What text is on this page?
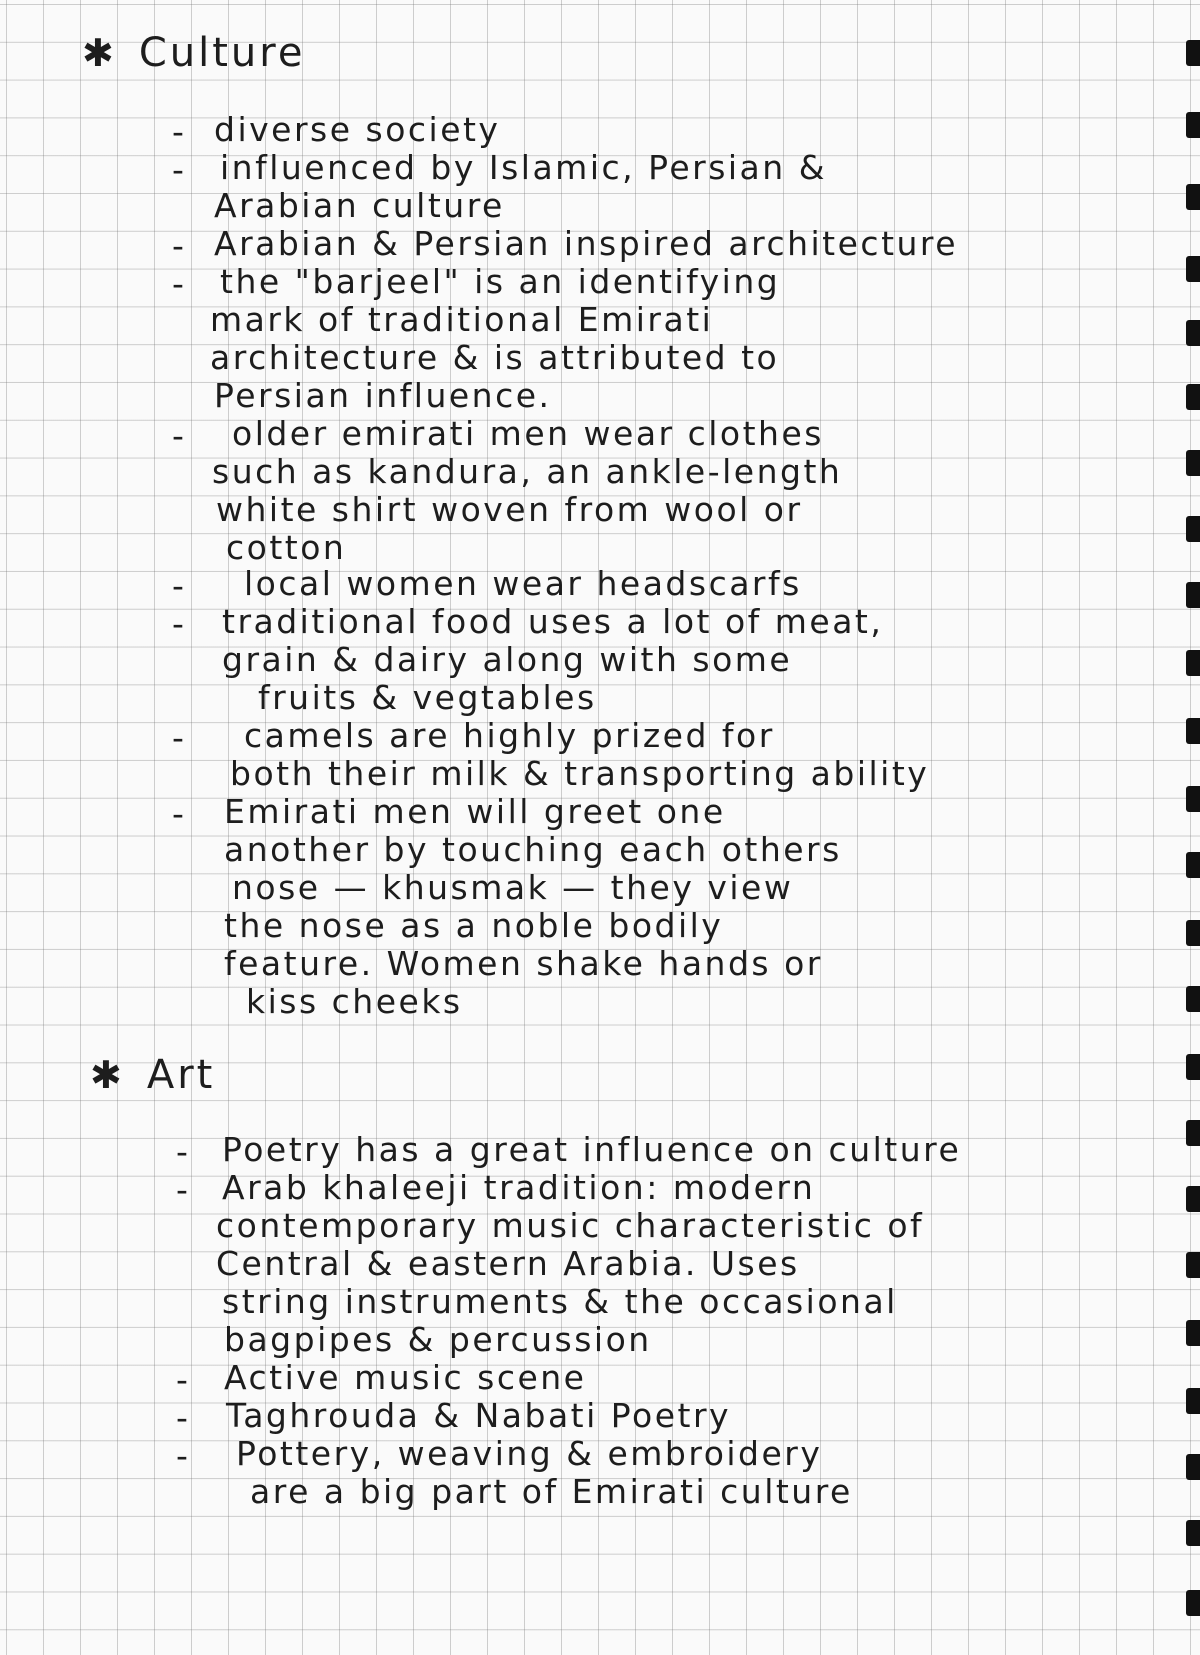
✱ Culture
-
-
-
-
-
-
-
-
-
diverse society
influenced by Islamic, Persian &
Arabian culture
Arabian & Persian inspired architecture
the "barjeel" is an identifying
mark of traditional Emirati
architecture & is attributed to
Persian influence.
older emirati men wear clothes
such as kandura, an ankle-length
white shirt woven from wool or
cotton
local women wear headscarfs
traditional food uses a lot of meat,
grain & dairy along with some
fruits & vegtables
camels are highly prized for
both their milk & transporting ability
Emirati men will greet one
another by touching each others
nose — khusmak — they view
the nose as a noble bodily
feature. Women shake hands or
kiss cheeks
✱ Art
-
-
-
-
-
Poetry has a great influence on culture
Arab khaleeji tradition: modern
contemporary music characteristic of
Central & eastern Arabia. Uses
string instruments & the occasional
bagpipes & percussion
Active music scene
Taghrouda & Nabati Poetry
Pottery, weaving & embroidery
are a big part of Emirati culture
